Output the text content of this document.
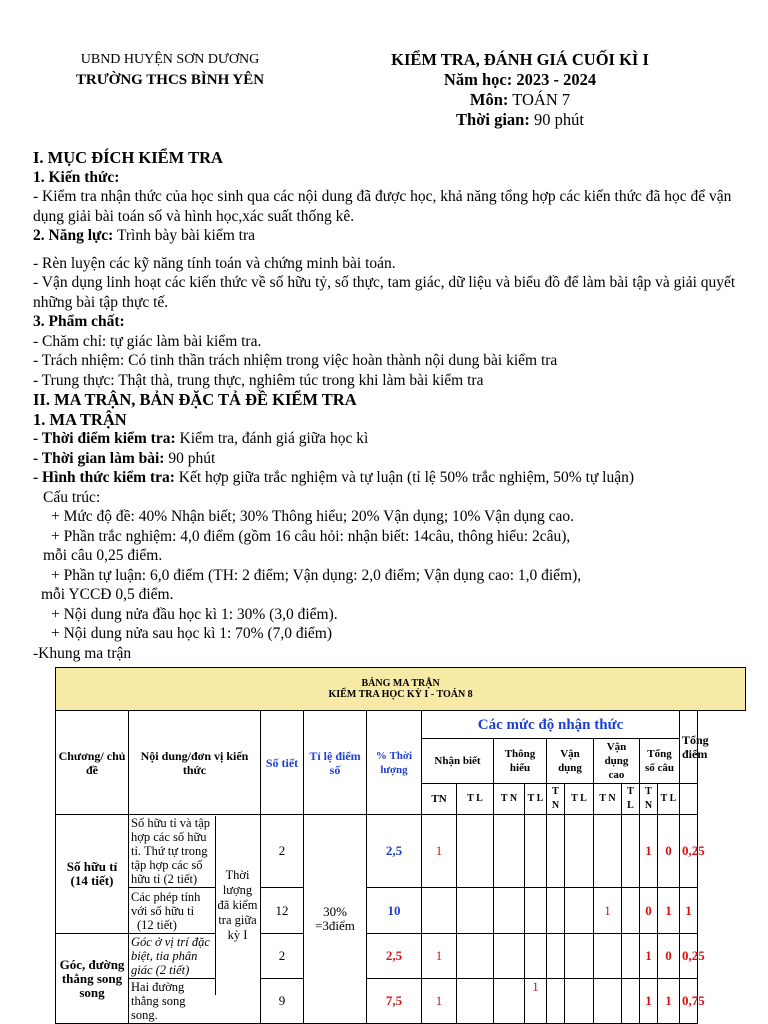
UBND HUYỆN SƠN DƯƠNG
TRƯỜNG THCS BÌNH YÊN
KIỂM TRA, ĐÁNH GIÁ CUỐI KÌ I
Năm học: 2023 - 2024
Môn: TOÁN 7
Thời gian: 90 phút

I. MỤC ĐÍCH KIỂM TRA

1. Kiến thức:

- Kiểm tra nhận thức của học sinh qua các nội dung đã được học, khả năng tổng hợp các kiến thức đã học để vận dụng giải bài toán số và hình học,xác suất thống kê.

2. Năng lực: Trình bày bài kiểm tra

- Rèn luyện các kỹ năng tính toán và chứng minh bài toán.

- Vận dụng linh hoạt các kiến thức về số hữu tỷ, số thực, tam giác, dữ liệu và biểu đồ để làm bài tập và giải quyết những bài tập thực tế.

3. Phẩm chất:

- Chăm chỉ: tự giác làm bài kiểm tra.

- Trách nhiệm: Có tinh thần trách nhiệm trong việc hoàn thành nội dung bài kiểm tra

- Trung thực: Thật thà, trung thực, nghiêm túc trong khi làm bài kiểm tra

II. MA TRẬN, BẢN ĐẶC TẢ ĐỀ KIỂM TRA

1. MA TRẬN

- Thời điểm kiểm tra: Kiểm tra, đánh giá giữa học kì

- Thời gian làm bài: 90 phút

- Hình thức kiểm tra: Kết hợp giữa trắc nghiệm và tự luận (tỉ lệ 50% trắc nghiệm, 50% tự luận)

Cấu trúc:

+ Mức độ đề: 40% Nhận biết; 30% Thông hiểu; 20% Vận dụng; 10% Vận dụng cao.

+ Phần trắc nghiệm: 4,0 điểm (gồm 16 câu hỏi: nhận biết: 14câu, thông hiểu: 2câu),

mỗi câu 0,25 điểm.

+ Phần tự luận: 6,0 điểm (TH: 2 điểm; Vận dụng: 2,0 điểm; Vận dụng cao: 1,0 điểm),

mỗi YCCĐ 0,5 điểm.

+ Nội dung nửa đầu học kì 1: 30% (3,0 điểm).

+ Nội dung nửa sau học kì 1: 70% (7,0 điểm)

-Khung ma trận

BẢNG MA TRẬN
KIỂM TRA HỌC KỲ I - TOÁN 8															

Chương/ chủ đề	Nội dung/đơn vị kiến thức	Số tiết	Tỉ lệ điểm số	% Thời lượng	Các mức độ nhận thức										Tổng điểm
					Nhận biết		Thông hiểu		Vận dụng		Vận dụng cao		Tổng số câu		
					TN	T L	T N	T L	T N	T L	T N	T L	T N	T L	
Số hữu tỉ (14 tiết)	Số hữu tỉ và tập hợp các số hữu tỉ. Thứ tự trong tập hợp các số hữu tỉ (2 tiết)	2	30% =3điểm	2,5	1								1	0	0,25

	Các phép tính với số hữu tỉ
(12 tiết)	12		10							1		0	1	1
Góc, đường thẳng song song	Góc ở vị trí đặc biệt, tia phân giác (2 tiết)	2		2,5	1								1	0	0,25
	Hai đường thẳng song song.	9		7,5	1			1					1	1	0,75
Thời lượng đã kiểm tra giữa kỳ I
